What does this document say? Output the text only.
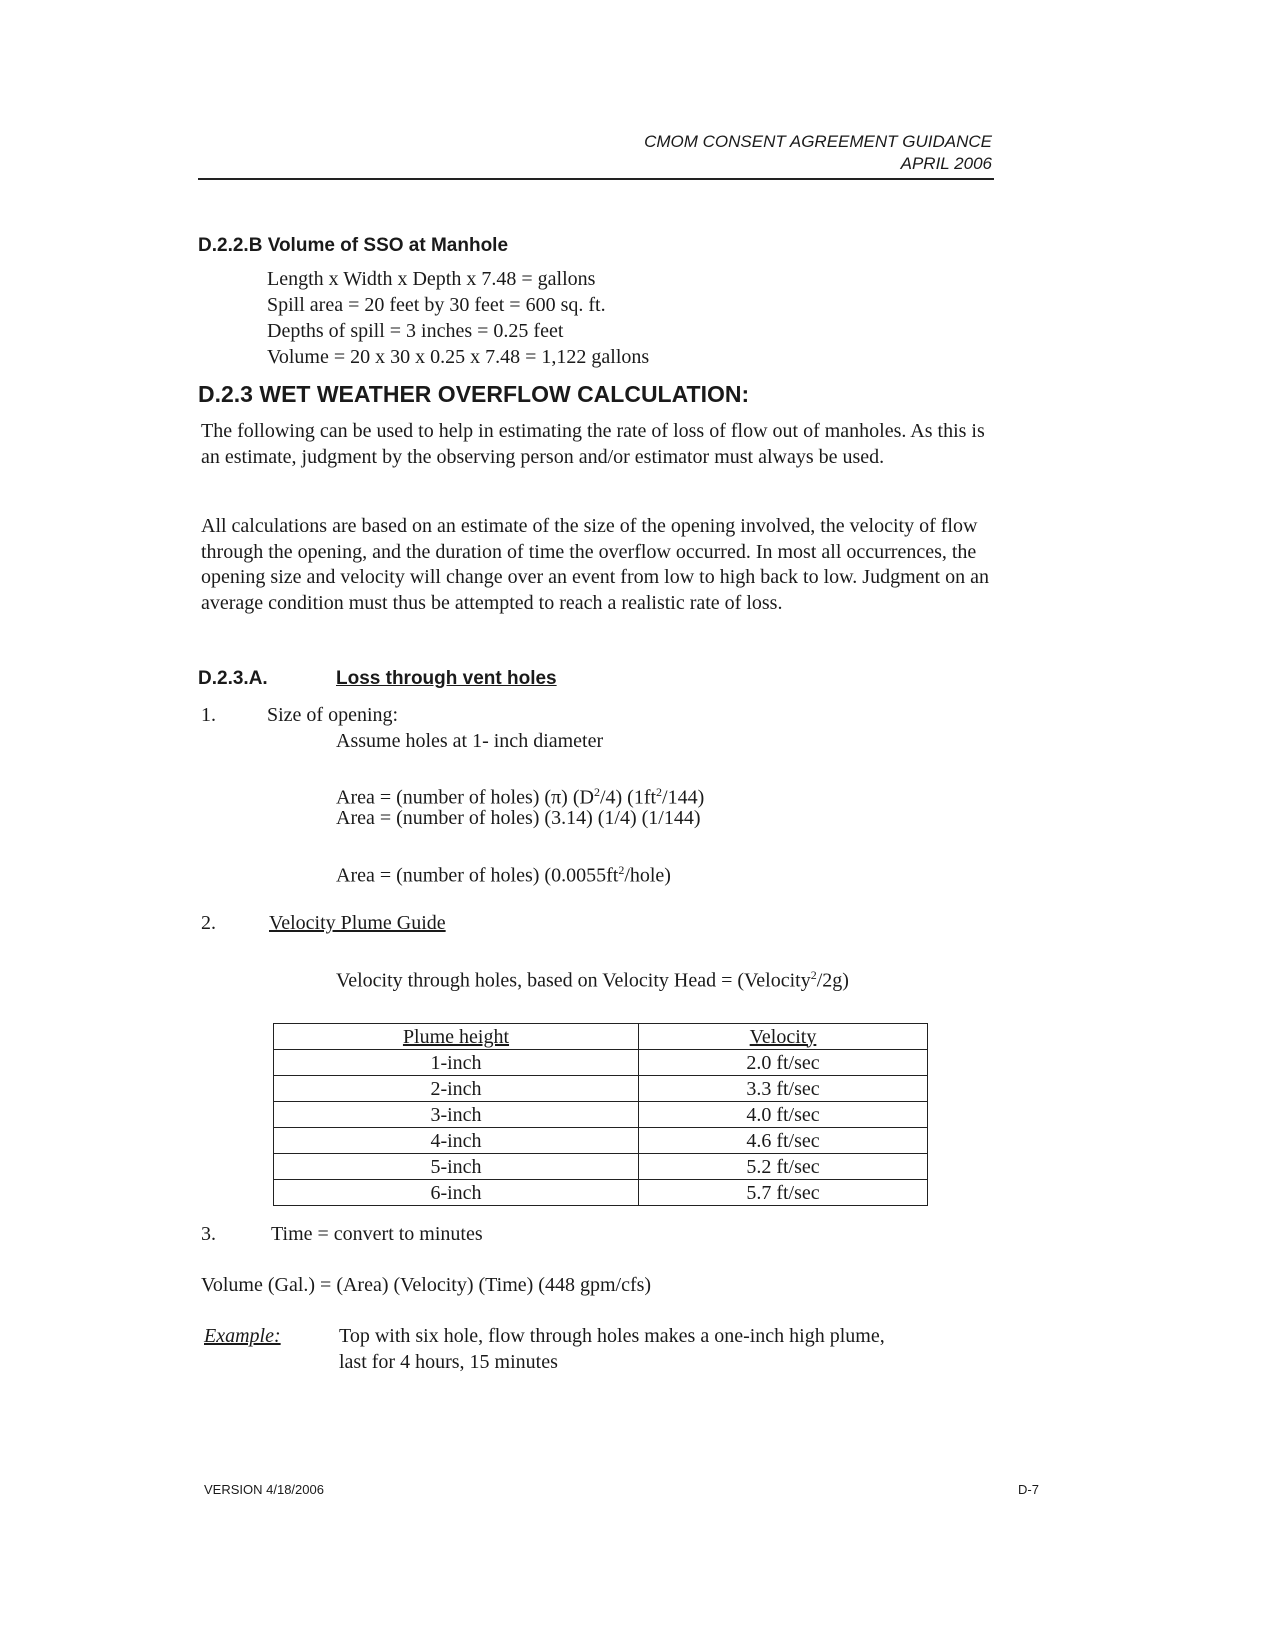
CMOM CONSENT AGREEMENT GUIDANCE
APRIL 2006
D.2.2.B Volume of SSO at Manhole
Length x Width x Depth x 7.48 = gallons
Spill area = 20 feet by 30 feet = 600 sq. ft.
Depths of spill = 3 inches = 0.25 feet
Volume = 20 x 30 x 0.25 x 7.48 = 1,122 gallons
D.2.3 WET WEATHER OVERFLOW CALCULATION:

The following can be used to help in estimating the rate of loss of flow out of manholes. As this is an estimate, judgment by the observing person and/or estimator must always be used.

All calculations are based on an estimate of the size of the opening involved, the velocity of flow through the opening, and the duration of time the overflow occurred. In most all occurrences, the opening size and velocity will change over an event from low to high back to low. Judgment on an average condition must thus be attempted to reach a realistic rate of loss.

D.2.3.A.	Loss through vent holes
1.	Size of opening:
Assume holes at 1- inch diameter
Area = (number of holes) (π) $(D^2/4)$ $(1ft^2/144)$
Area = (number of holes) (3.14) (1/4) (1/144)
Area = (number of holes) $(0.0055ft^2/hole)$
2.	Velocity Plume Guide
Velocity through holes, based on Velocity Head = (Velocity$^2$/2g)
Plume height	Velocity
1-inch	2.0 ft/sec
2-inch	3.3 ft/sec
3-inch	4.0 ft/sec
4-inch	4.6 ft/sec
5-inch	5.2 ft/sec
6-inch	5.7 ft/sec
3.	Time = convert to minutes
Volume (Gal.) = (Area) (Velocity) (Time) (448 gpm/cfs)
Example:	Top with six hole, flow through holes makes a one-inch high plume,
last for 4 hours, 15 minutes
VERSION 4/18/2006	D-7
